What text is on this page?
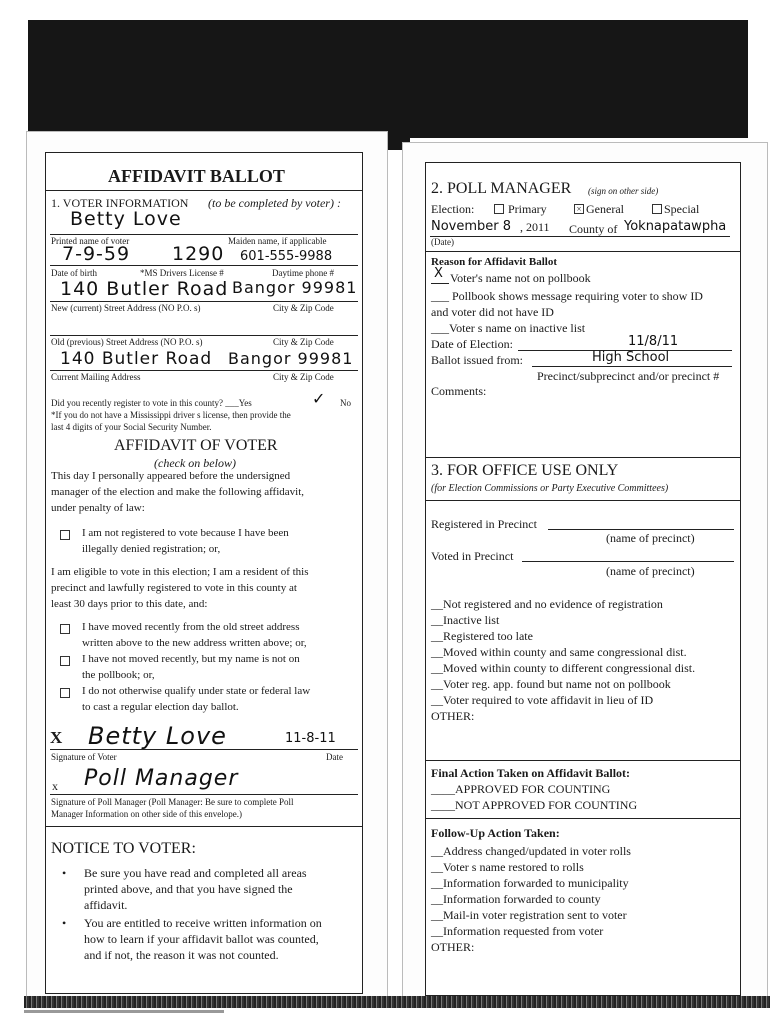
AFFIDAVIT BALLOT
1. VOTER INFORMATION (to be completed by voter) :
Betty Love
Printed name of voter	Maiden name, if applicable
7-9-59 1290 601-555-9988
Date of birth	*MS Drivers License #	Daytime phone #
140 Butler Road Bangor 99981
New (current) Street Address (NO P.O. s)	City & Zip Code
Old (previous) Street Address (NO P.O. s)	City & Zip Code
140 Butler Road Bangor 99981
Current Mailing Address	City & Zip Code
Did you recently register to vote in this county? ___Yes	✓ No
*If you do not have a Mississippi driver s license, then provide the
last 4 digits of your Social Security Number.
AFFIDAVIT OF VOTER
(check on below)
This day I personally appeared before the undersigned
manager of the election and make the following affidavit,
under penalty of law:
I am not registered to vote because I have been
illegally denied registration; or,
I am eligible to vote in this election; I am a resident of this
precinct and lawfully registered to vote in this county at
least 30 days prior to this date, and:
I have moved recently from the old street address
written above to the new address written above; or,
I have not moved recently, but my name is not on
the pollbook; or,
I do not otherwise qualify under state or federal law
to cast a regular election day ballot.
X Betty Love	11-8-11
Signature of Voter	Date
x Poll Manager
Signature of Poll Manager (Poll Manager: Be sure to complete Poll
Manager Information on other side of this envelope.)
NOTICE TO VOTER:
• Be sure you have read and completed all areas
printed above, and that you have signed the
affidavit.
• You are entitled to receive written information on
how to learn if your affidavit ballot was counted,
and if not, the reason it was not counted.
2. POLL MANAGER (sign on other side)
Election:	Primary	× General	Special
November 8 , 2011 County of Yoknapatawpha
(Date)
Reason for Affidavit Ballot
X Voter's name not on pollbook
___ Pollbook shows message requiring voter to show ID
and voter did not have ID
___Voter s name on inactive list
Date of Election:	11/8/11
Ballot issued from:	High School
Precinct/subprecinct and/or precinct #
Comments:
3. FOR OFFICE USE ONLY
(for Election Commissions or Party Executive Committees)
Registered in Precinct
(name of precinct)
Voted in Precinct
(name of precinct)
__Not registered and no evidence of registration
__Inactive list
__Registered too late
__Moved within county and same congressional dist.
__Moved within county to different congressional dist.
__Voter reg. app. found but name not on pollbook
__Voter required to vote affidavit in lieu of ID
OTHER:
Final Action Taken on Affidavit Ballot:
____APPROVED FOR COUNTING
____NOT APPROVED FOR COUNTING
Follow-Up Action Taken:
__Address changed/updated in voter rolls
__Voter s name restored to rolls
__Information forwarded to municipality
__Information forwarded to county
__Mail-in voter registration sent to voter
__Information requested from voter
OTHER:
